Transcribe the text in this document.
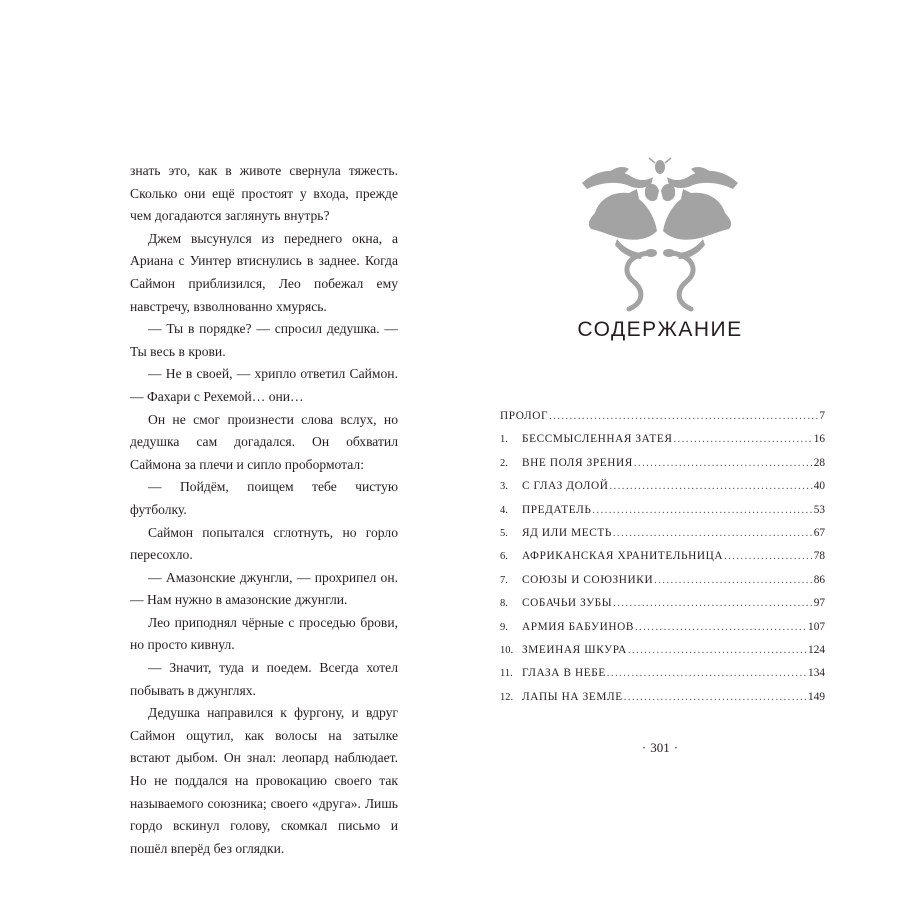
знать это, как в животе свернула тяжесть. Сколько они ещё простоят у входа, прежде чем догадаются заглянуть внутрь?

Джем высунулся из переднего окна, а Ариана с Уинтер втиснулись в заднее. Когда Саймон приблизился, Лео побежал ему навстречу, взволнованно хмурясь.

— Ты в порядке? — спросил дедушка. — Ты весь в крови.

— Не в своей, — хрипло ответил Саймон. — Фахари с Рехемой… они…

Он не смог произнести слова вслух, но дедушка сам догадался. Он обхватил Саймона за плечи и сипло пробормотал:

— Пойдём, поищем тебе чистую футболку.

Саймон попытался сглотнуть, но горло пересохло.

— Амазонские джунгли, — прохрипел он. — Нам нужно в амазонские джунгли.

Лео приподнял чёрные с проседью брови, но просто кивнул.

— Значит, туда и поедем. Всегда хотел побывать в джунглях.

Дедушка направился к фургону, и вдруг Саймон ощутил, как волосы на затылке встают дыбом. Он знал: леопард наблюдает. Но не поддался на провокацию своего так называемого союзника; своего «друга». Лишь гордо вскинул голову, скомкал письмо и пошёл вперёд без оглядки.

СОДЕРЖАНИЕ
ПРОЛОГ .....	7
1.	БЕССМЫСЛЕННАЯ ЗАТЕЯ .....	16
2.	ВНЕ ПОЛЯ ЗРЕНИЯ .....	28
3.	С ГЛАЗ ДОЛОЙ .....	40
4.	ПРЕДАТЕЛЬ .....	53
5.	ЯД ИЛИ МЕСТЬ .....	67
6.	АФРИКАНСКАЯ ХРАНИТЕЛЬНИЦА .....	78
7.	СОЮЗЫ И СОЮЗНИКИ .....	86
8.	СОБАЧЬИ ЗУБЫ .....	97
9.	АРМИЯ БАБУИНОВ .....	107
10. ЗМЕИНАЯ ШКУРА .....	124
11. ГЛАЗА В НЕБЕ .....	134
12. ЛАПЫ НА ЗЕМЛЕ .....	149
· 301 ·
